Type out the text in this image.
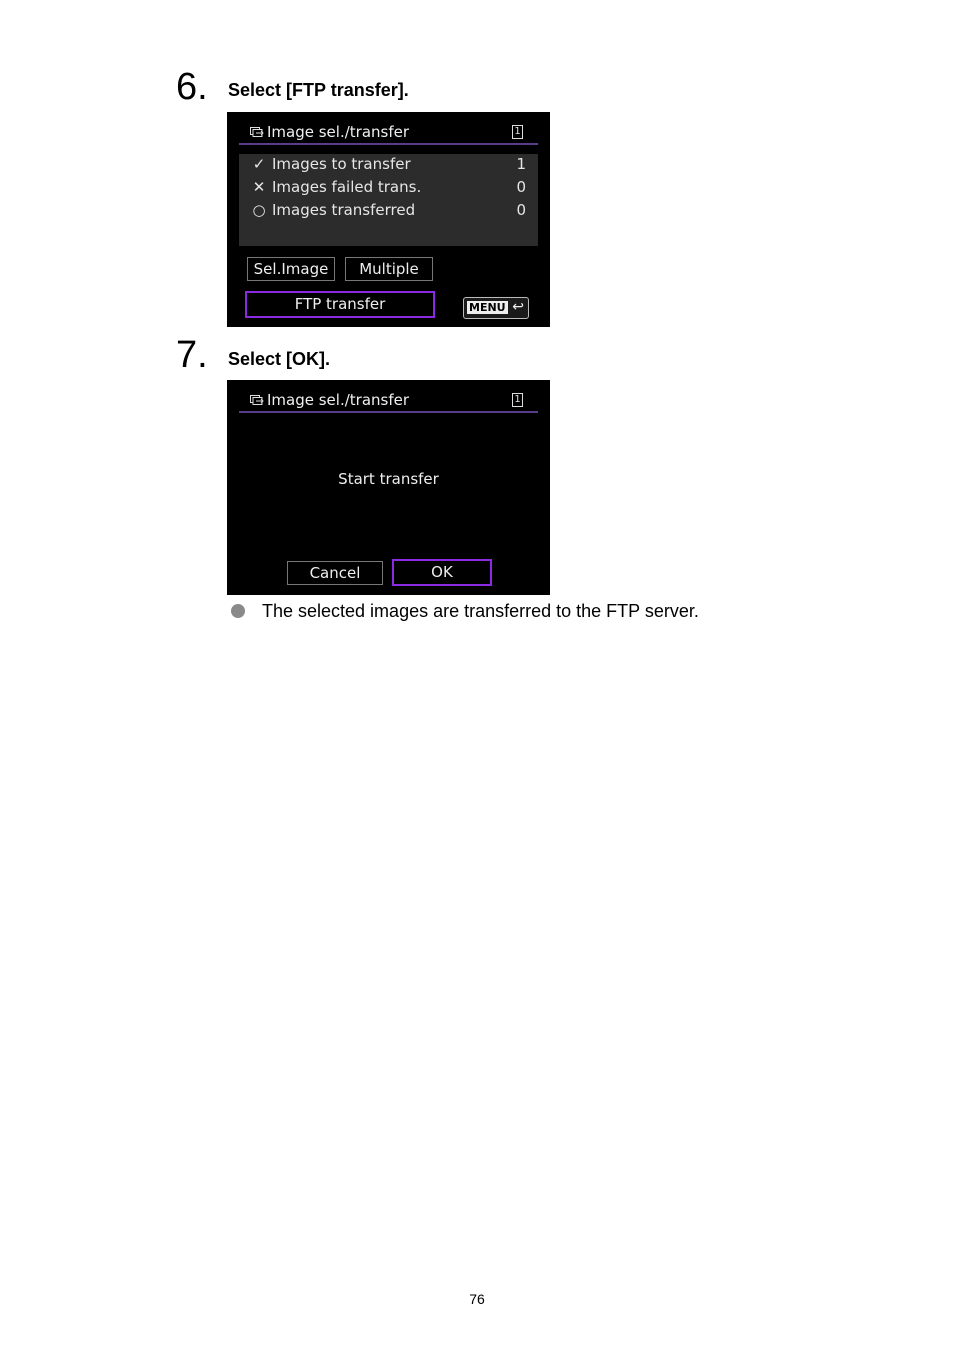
6. Select [FTP transfer].
Image sel./transfer	1
✓ Images to transfer	1
✕ Images failed trans.	0
○ Images transferred	0
Sel.Image	Multiple
FTP transfer	MENU ↩
7. Select [OK].
Image sel./transfer	1
Start transfer
Cancel	OK
The selected images are transferred to the FTP server.
76
